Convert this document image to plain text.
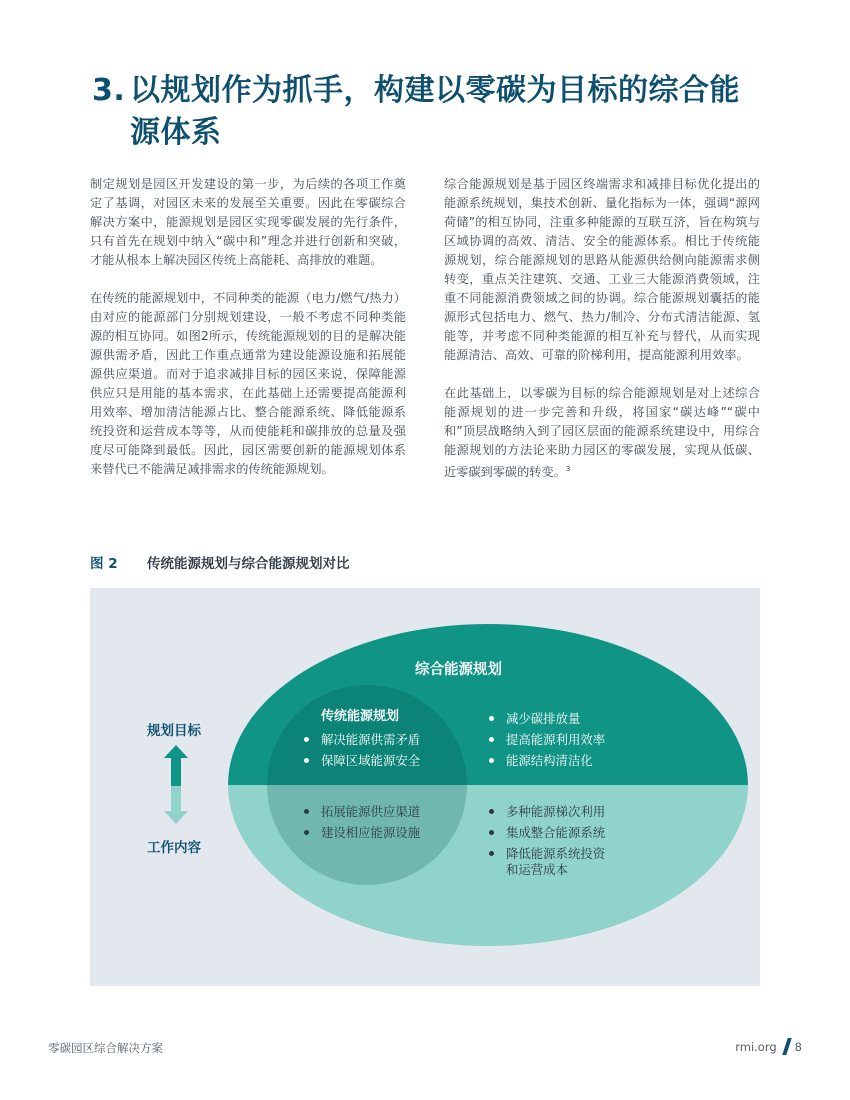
3. 以规划作为抓手，构建以零碳为目标的综合能
源体系

制定规划是园区开发建设的第一步，为后续的各项工作奠定了基调，对园区未来的发展至关重要。因此在零碳综合解决方案中，能源规划是园区实现零碳发展的先行条件，只有首先在规划中纳入“碳中和”理念并进行创新和突破，才能从根本上解决园区传统上高能耗、高排放的难题。

在传统的能源规划中，不同种类的能源（电力/燃气/热力）由对应的能源部门分别规划建设，一般不考虑不同种类能源的相互协同。如图2所示，传统能源规划的目的是解决能源供需矛盾，因此工作重点通常为建设能源设施和拓展能源供应渠道。而对于追求减排目标的园区来说，保障能源供应只是用能的基本需求，在此基础上还需要提高能源利用效率、增加清洁能源占比、整合能源系统、降低能源系统投资和运营成本等等，从而使能耗和碳排放的总量及强度尽可能降到最低。因此，园区需要创新的能源规划体系来替代已不能满足减排需求的传统能源规划。

综合能源规划是基于园区终端需求和减排目标优化提出的能源系统规划，集技术创新、量化指标为一体，强调“源网荷储”的相互协同，注重多种能源的互联互济，旨在构筑与区域协调的高效、清洁、安全的能源体系。相比于传统能源规划，综合能源规划的思路从能源供给侧向能源需求侧转变，重点关注建筑、交通、工业三大能源消费领域，注重不同能源消费领域之间的协调。综合能源规划囊括的能源形式包括电力、燃气、热力/制冷、分布式清洁能源、氢能等，并考虑不同种类能源的相互补充与替代，从而实现能源清洁、高效、可靠的阶梯利用，提高能源利用效率。

在此基础上，以零碳为目标的综合能源规划是对上述综合能源规划的进一步完善和升级，将国家“碳达峰”“碳中和”顶层战略纳入到了园区层面的能源系统建设中，用综合能源规划的方法论来助力园区的零碳发展，实现从低碳、近零碳到零碳的转变。$^3$

图 2 传统能源规划与综合能源规划对比
综合能源规划
传统能源规划
规划目标
工作内容
解决能源供需矛盾
保障区域能源安全
减少碳排放量
提高能源利用效率
能源结构清洁化
拓展能源供应渠道
建设相应能源设施
多种能源梯次利用
集成整合能源系统
降低能源系统投资
和运营成本
零碳园区综合解决方案	rmi.org 8
